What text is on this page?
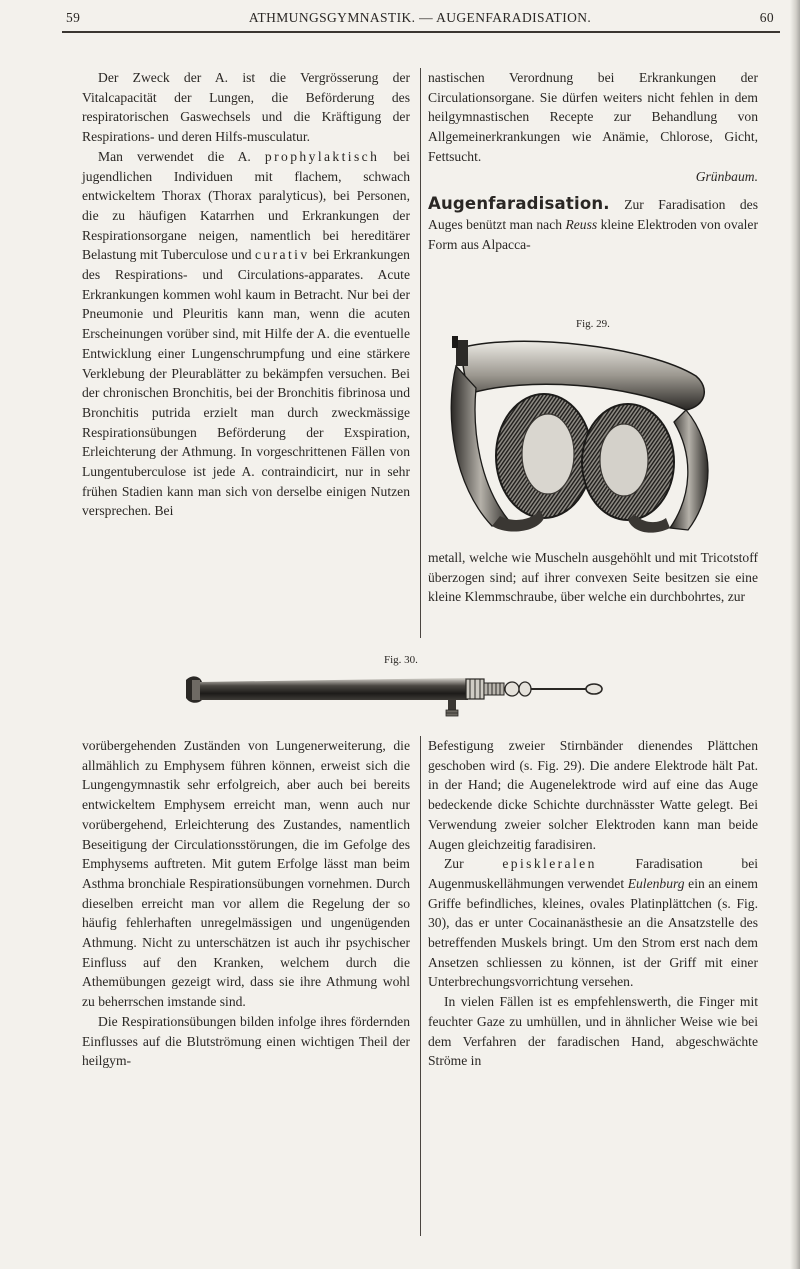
59	ATHMUNGSGYMNASTIK. — AUGENFARADISATION.	60

Der Zweck der A. ist die Vergrösserung der Vitalcapacität der Lungen, die Beförderung des respiratorischen Gaswechsels und die Kräftigung der Respirations- und deren Hilfs-musculatur.

Man verwendet die A. prophylaktisch bei jugendlichen Individuen mit flachem, schwach entwickeltem Thorax (Thorax paralyticus), bei Personen, die zu häufigen Katarrhen und Erkrankungen der Respirationsorgane neigen, namentlich bei hereditärer Belastung mit Tuberculose und curativ bei Erkrankungen des Respirations- und Circulations-apparates. Acute Erkrankungen kommen wohl kaum in Betracht. Nur bei der Pneumonie und Pleuritis kann man, wenn die acuten Erscheinungen vorüber sind, mit Hilfe der A. die eventuelle Entwicklung einer Lungenschrumpfung und eine stärkere Verklebung der Pleurablätter zu bekämpfen versuchen. Bei der chronischen Bronchitis, bei der Bronchitis fibrinosa und Bronchitis putrida erzielt man durch zweckmässige Respirationsübungen Beförderung der Exspiration, Erleichterung der Athmung. In vorgeschrittenen Fällen von Lungentuberculose ist jede A. contraindicirt, nur in sehr frühen Stadien kann man sich von derselbe einigen Nutzen versprechen. Bei

nastischen Verordnung bei Erkrankungen der Circulationsorgane. Sie dürfen weiters nicht fehlen in dem heilgymnastischen Recepte zur Behandlung von Allgemeinerkrankungen wie Anämie, Chlorose, Gicht, Fettsucht.

Grünbaum.

Augenfaradisation. Zur Faradisation des Auges benützt man nach Reuss kleine Elektroden von ovaler Form aus Alpacca-

Fig. 29.

metall, welche wie Muscheln ausgehöhlt und mit Tricotstoff überzogen sind; auf ihrer convexen Seite besitzen sie eine kleine Klemmschraube, über welche ein durchbohrtes, zur

Fig. 30.

vorübergehenden Zuständen von Lungenerweiterung, die allmählich zu Emphysem führen können, erweist sich die Lungengymnastik sehr erfolgreich, aber auch bei bereits entwickeltem Emphysem erreicht man, wenn auch nur vorübergehend, Erleichterung des Zustandes, namentlich Beseitigung der Circulationsstörungen, die im Gefolge des Emphysems auftreten. Mit gutem Erfolge lässt man beim Asthma bronchiale Respirationsübungen vornehmen. Durch dieselben erreicht man vor allem die Regelung der so häufig fehlerhaften unregelmässigen und ungenügenden Athmung. Nicht zu unterschätzen ist auch ihr psychischer Einfluss auf den Kranken, welchem durch die Athemübungen gezeigt wird, dass sie ihre Athmung wohl zu beherrschen imstande sind.

Die Respirationsübungen bilden infolge ihres fördernden Einflusses auf die Blutströmung einen wichtigen Theil der heilgym-

Befestigung zweier Stirnbänder dienendes Plättchen geschoben wird (s. Fig. 29). Die andere Elektrode hält Pat. in der Hand; die Augenelektrode wird auf eine das Auge bedeckende dicke Schichte durchnässter Watte gelegt. Bei Verwendung zweier solcher Elektroden kann man beide Augen gleichzeitig faradisiren.

Zur episkleralen Faradisation bei Augenmuskellähmungen verwendet Eulenburg ein an einem Griffe befindliches, kleines, ovales Platinplättchen (s. Fig. 30), das er unter Cocainanästhesie an die Ansatzstelle des betreffenden Muskels bringt. Um den Strom erst nach dem Ansetzen schliessen zu können, ist der Griff mit einer Unterbrechungsvorrichtung versehen.

In vielen Fällen ist es empfehlenswerth, die Finger mit feuchter Gaze zu umhüllen, und in ähnlicher Weise wie bei dem Verfahren der faradischen Hand, abgeschwächte Ströme in
